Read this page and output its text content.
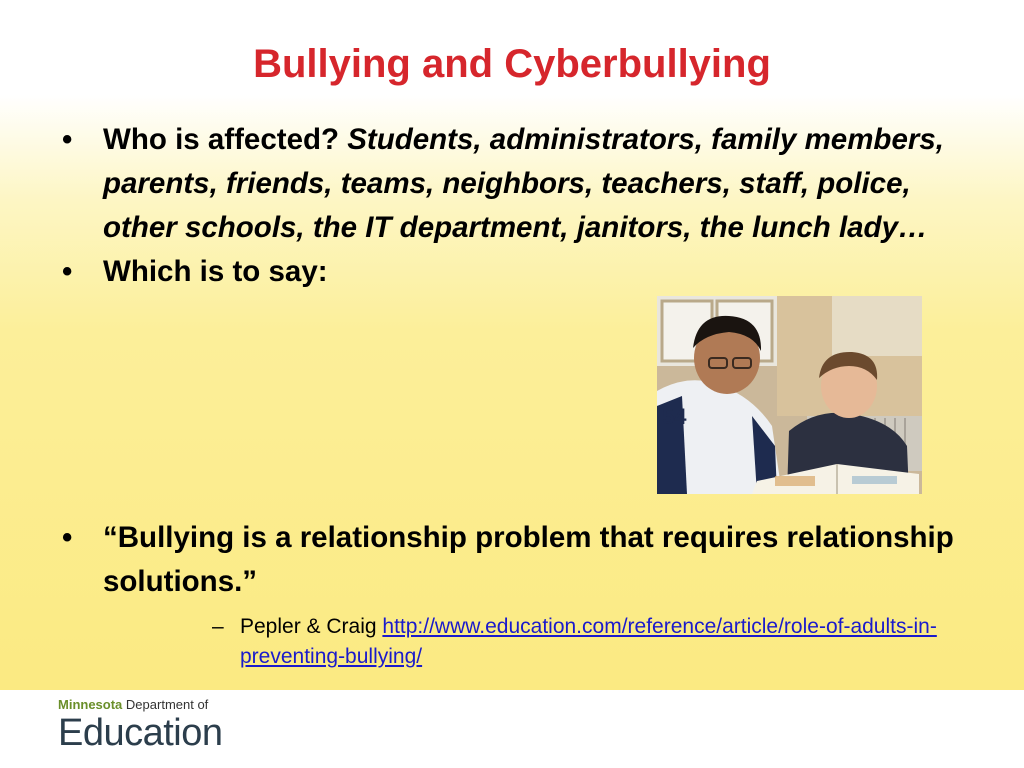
Bullying and Cyberbullying
• Who is affected? Students, administrators, family members, parents, friends, teams, neighbors, teachers, staff, police, other schools, the IT department, janitors, the lunch lady…
• Which is to say:
• “Bullying is a relationship problem that requires relationship solutions.”
– Pepler & Craig http://www.education.com/reference/article/role-of-adults-in-preventing-bullying/
54
Minnesota Department of
Education
